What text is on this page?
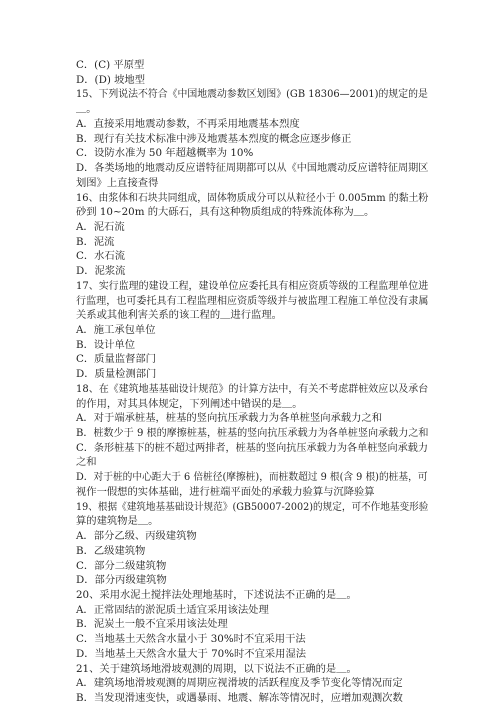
C．(C) 平原型
D．(D) 坡地型
15、下列说法不符合《中国地震动参数区划图》(GB 18306—2001)的规定的是
＿。
A．直接采用地震动参数，不再采用地震基本烈度
B．现行有关技术标准中涉及地震基本烈度的概念应逐步修正
C．设防水准为 50 年超越概率为 10%
D．各类场地的地震动反应谱特征周期都可以从《中国地震动反应谱特征周期区
划图》上直接查得
16、由浆体和石块共同组成，固体物质成分可以从粒径小于 0.005mm 的黏土粉
砂到 10~20m 的大砾石，具有这种物质组成的特殊流体称为＿。
A．泥石流
B．泥流
C．水石流
D．泥浆流
17、实行监理的建设工程，建设单位应委托具有相应资质等级的工程监理单位进
行监理，也可委托具有工程监理相应资质等级并与被监理工程施工单位没有隶属
关系或其他利害关系的该工程的＿进行监理。
A．施工承包单位
B．设计单位
C．质量监督部门
D．质量检测部门
18、在《建筑地基基础设计规范》的计算方法中，有关不考虑群桩效应以及承台
的作用，对其具体规定，下列阐述中错误的是＿。
A．对于端承桩基，桩基的竖向抗压承载力为各单桩竖向承载力之和
B．桩数少于 9 根的摩擦桩基，桩基的竖向抗压承载力为各单桩竖向承载力之和
C．条形桩基下的桩不超过两排者，桩基的竖向抗压承载力为各单桩竖向承载力
之和
D．对于桩的中心距大于 6 倍桩径(摩擦桩)，而桩数超过 9 根(含 9 根)的桩基，可
视作一假想的实体基础，进行桩端平面处的承载力验算与沉降验算
19、根据《建筑地基基础设计规范》(GB50007-2002)的规定，可不作地基变形验
算的建筑物是＿。
A．部分乙级、丙级建筑物
B．乙级建筑物
C．部分二级建筑物
D．部分丙级建筑物
20、采用水泥土搅拌法处理地基时，下述说法不正确的是＿。
A．正常固结的淤泥质土适宜采用该法处理
B．泥炭土一般不宜采用该法处理
C．当地基土天然含水量小于 30%时不宜采用干法
D．当地基土天然含水量大于 70%时不宜采用湿法
21、关于建筑场地滑坡观测的周期，以下说法不正确的是＿。
A．建筑场地滑坡观测的周期应视滑坡的活跃程度及季节变化等情况而定
B．当发现滑速变快，或遇暴雨、地震、解冻等情况时，应增加观测次数
